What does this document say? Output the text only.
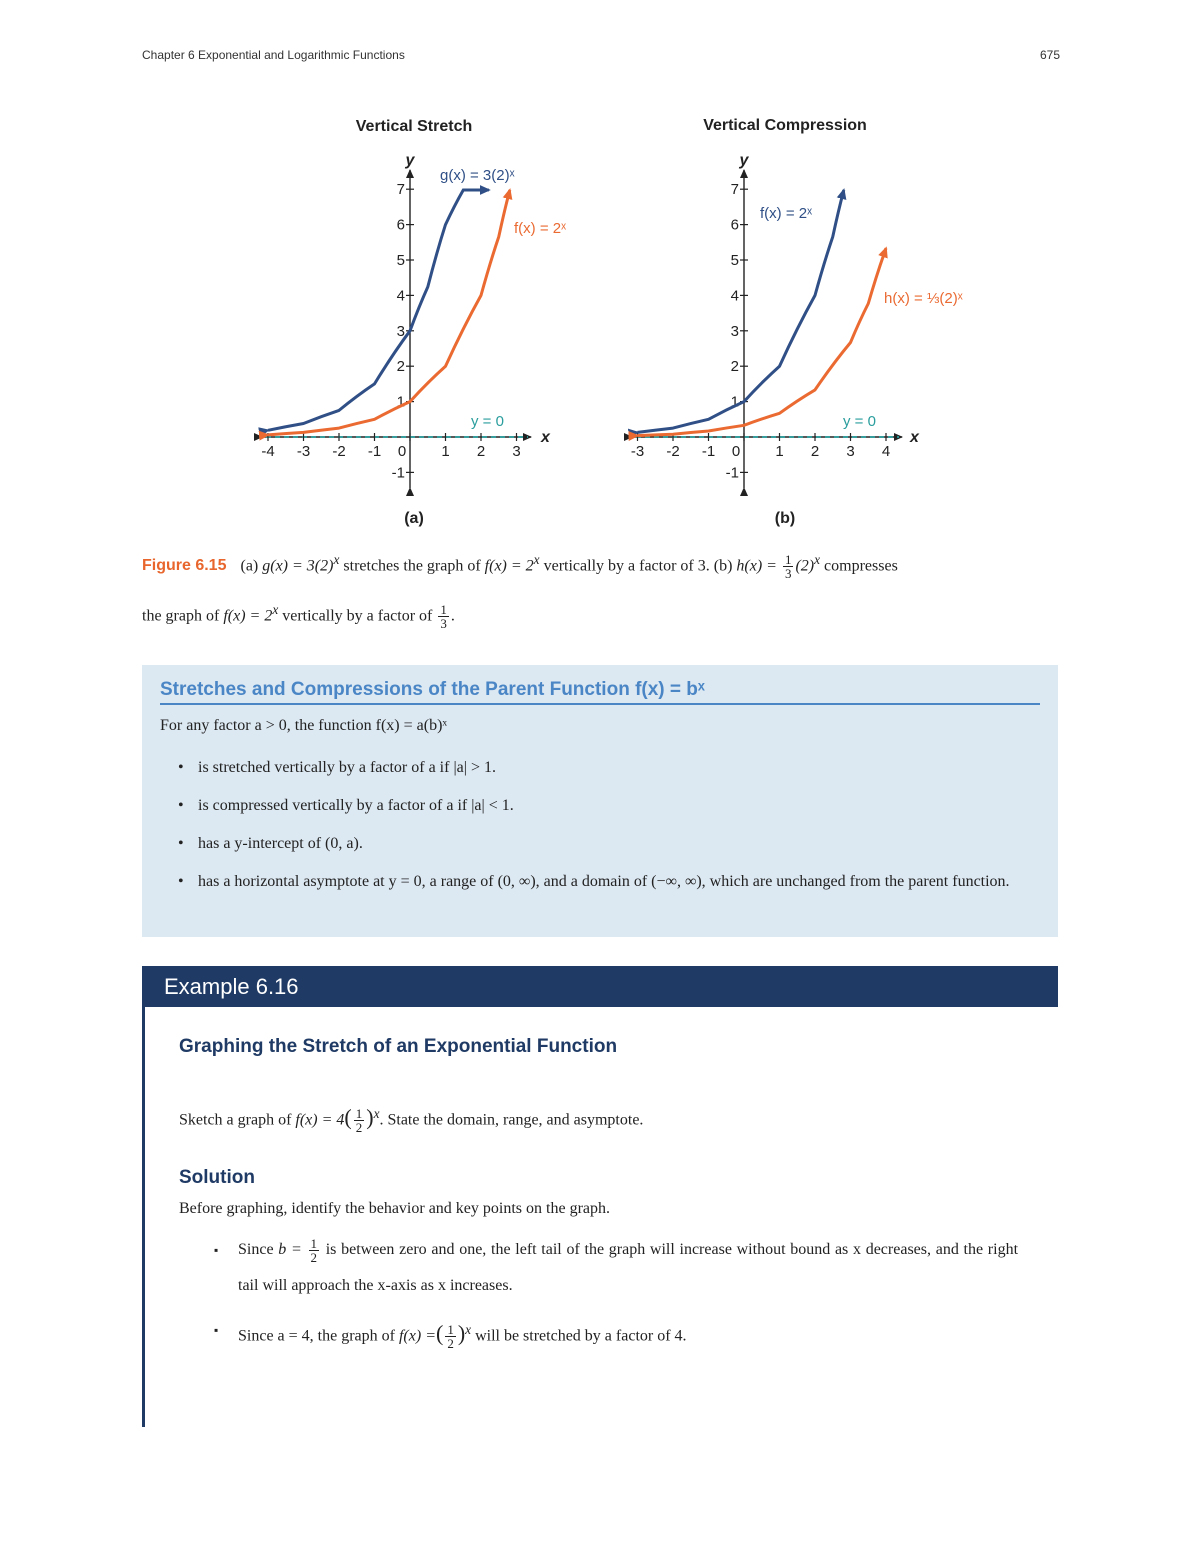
Chapter 6 Exponential and Logarithmic Functions	675
Vertical Stretch
-4 -3 -2 -1 0 1 2 3
-1
1
2
3
4
5
6
7
y
x
g(x) = 3(2)ˣ
f(x) = 2ˣ
y = 0
(a)
Vertical Compression
-3 -2 -1 0 1 2 3 4
-1
1
2
3
4
5
6
7
y
x
f(x) = 2ˣ
h(x) = ⅓(2)ˣ
y = 0
(b)
Figure 6.15 (a) $g(x) = 3(2)^x$ stretches the graph of $f(x) = 2^x$ vertically by a factor of 3. (b) $h(x) = \frac{1}{3} (2)^x$ compresses
the graph of $f(x) = 2^x$ vertically by a factor of $\frac{1}{3}$ .
Stretches and Compressions of the Parent Function f(x) = bˣ
For any factor a > 0, the function f(x) = a(b)ˣ
• is stretched vertically by a factor of a if |a| > 1.
• is compressed vertically by a factor of a if |a| < 1.
• has a y-intercept of (0, a).
• has a horizontal asymptote at y = 0, a range of (0, ∞), and a domain of (−∞, ∞), which are unchanged from the parent function.
Example 6.16
Graphing the Stretch of an Exponential Function
Sketch a graph of $f(x) = 4( \frac{1}{2} )^x$. State the domain, range, and asymptote.
Solution
Before graphing, identify the behavior and key points on the graph.
▪ Since $b = \frac{1}{2}$ is between zero and one, the left tail of the graph will increase without bound as x decreases, and the right tail will approach the x-axis as x increases.
▪ Since a = 4, the graph of f(x) =( $\frac{1}{2} )^x$ will be stretched by a factor of 4.
